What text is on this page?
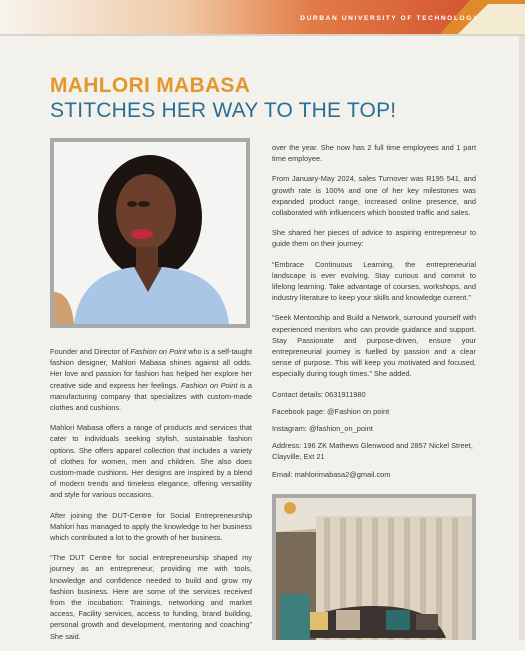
DURBAN UNIVERSITY OF TECHNOLOGY
MAHLORI MABASA
STITCHES HER WAY TO THE TOP!

Founder and Director of Fashion on Point who is a self-taught fashion designer, Mahlori Mabasa shines against all odds. Her love and passion for fashion has helped her explore her creative side and express her feelings. Fashion on Point is a manufacturing company that specializes with custom-made clothes and cushions.

Mahlori Mabasa offers a range of products and services that cater to individuals seeking stylish, sustainable fashion options. She offers apparel collection that includes a variety of clothes for women, men and children. She also does custom-made cushions. Her designs are inspired by a blend of modern trends and timeless elegance, offering versatility and style for various occasions.

After joining the DUT-Centre for Social Entrepreneurship Mahlori has managed to apply the knowledge to her business which contributed a lot to the growth of her business.

“The DUT Centre for social entrepreneurship shaped my journey as an entrepreneur, providing me with tools, knowledge and confidence needed to build and grow my fashion business. Here are some of the services received from the incubation: Trainings, networking and market access, Facility services, access to funding, brand building, personal growth and development, mentoring and coaching” She said.

over the year. She now has 2 full time employees and 1 part time employee.

From January-May 2024, sales Turnover was R195 541, and growth rate is 100% and one of her key milestones was expanded product range, increased online presence, and collaborated with influencers which boosted traffic and sales.

She shared her pieces of advice to aspiring entrepreneur to guide them on their journey:

“Embrace Continuous Learning, the entrepreneurial landscape is ever evolving. Stay curious and commit to lifelong learning. Take advantage of courses, workshops, and industry literature to keep your skills and knowledge current.”

“Seek Mentorship and Build a Network, surround yourself with experienced mentors who can provide guidance and support. Stay Passionate and purpose-driven, ensure your entrepreneurial journey is fuelled by passion and a clear sense of purpose. This will keep you motivated and focused, especially during tough times.” She added.

Contact details: 0631911980

Facebook page: @Fashion on point

Instagram: @fashion_on_point

Address: 196 ZK Mathews Glenwood and 2857 Nickel Street, Clayville, Ext 21

Email: mahlorimabasa2@gmail.com
